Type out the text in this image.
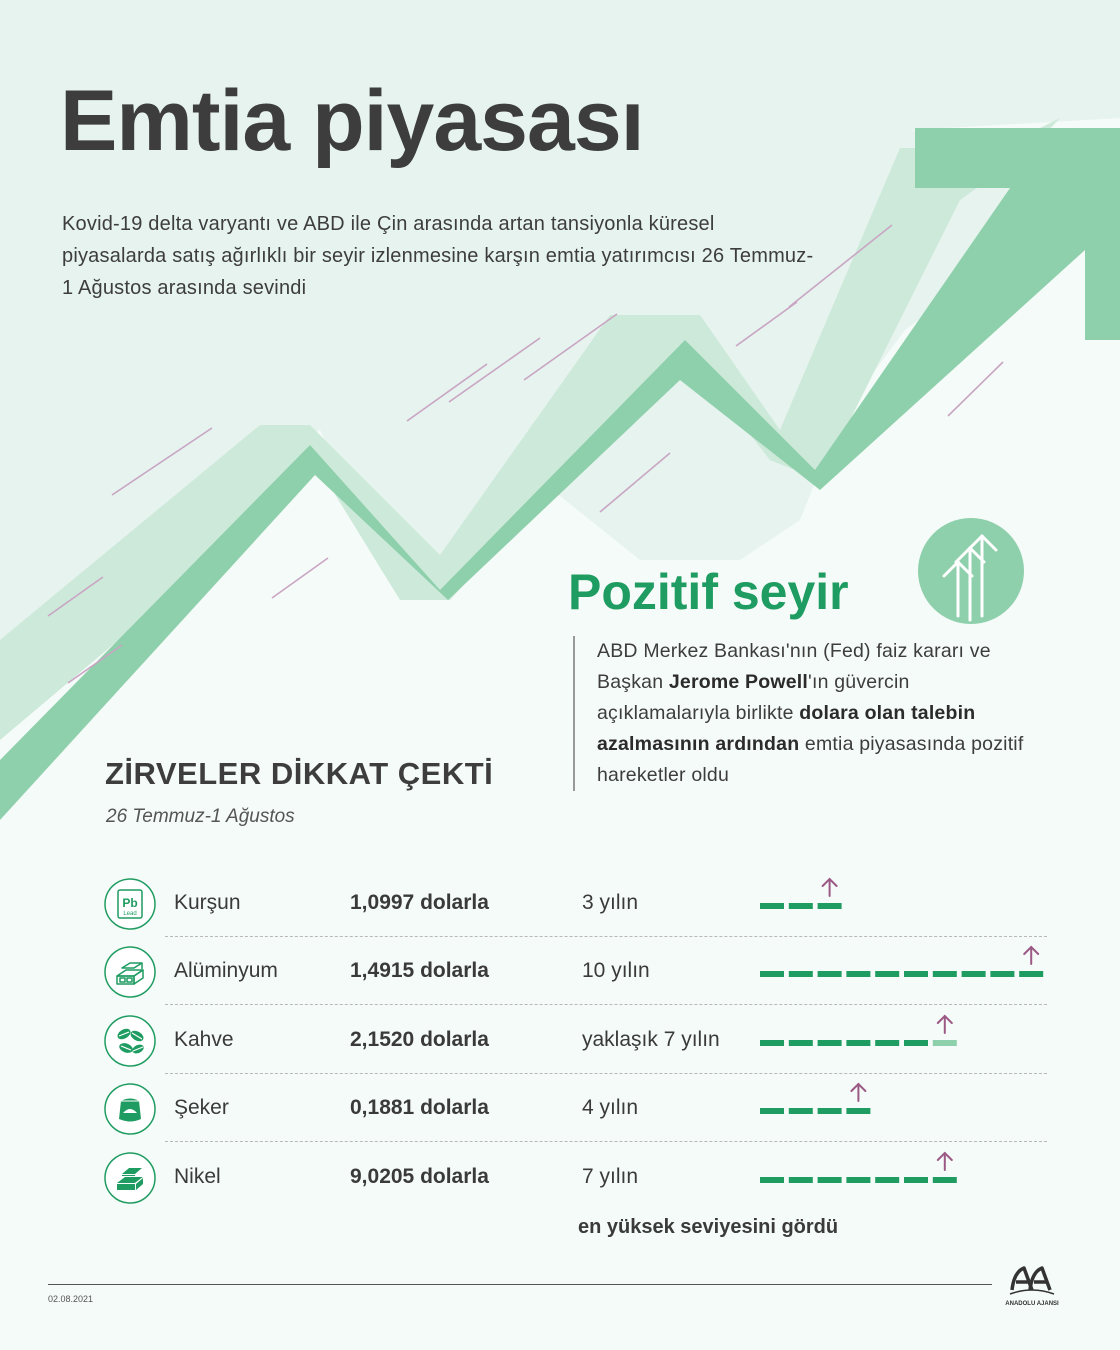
Emtia piyasası

Kovid-19 delta varyantı ve ABD ile Çin arasında artan tansiyonla küresel piyasalarda satış ağırlıklı bir seyir izlenmesine karşın emtia yatırımcısı 26 Temmuz-1 Ağustos arasında sevindi

Pozitif seyir
ABD Merkez Bankası'nın (Fed) faiz kararı ve Başkan Jerome Powell'ın güvercin açıklamalarıyla birlikte dolara olan talebin azalmasının ardından emtia piyasasında pozitif hareketler oldu
ZİRVELER DİKKAT ÇEKTİ
26 Temmuz-1 Ağustos
Pb
Lead Kurşun	1,0997 dolarla	3 yılın
Alüminyum	1,4915 dolarla	10 yılın
Kahve	2,1520 dolarla	yaklaşık 7 yılın
Şeker	0,1881 dolarla	4 yılın
Nikel	9,0205 dolarla	7 yılın
en yüksek seviyesini gördü
02.08.2021	ANADOLU AJANSI
